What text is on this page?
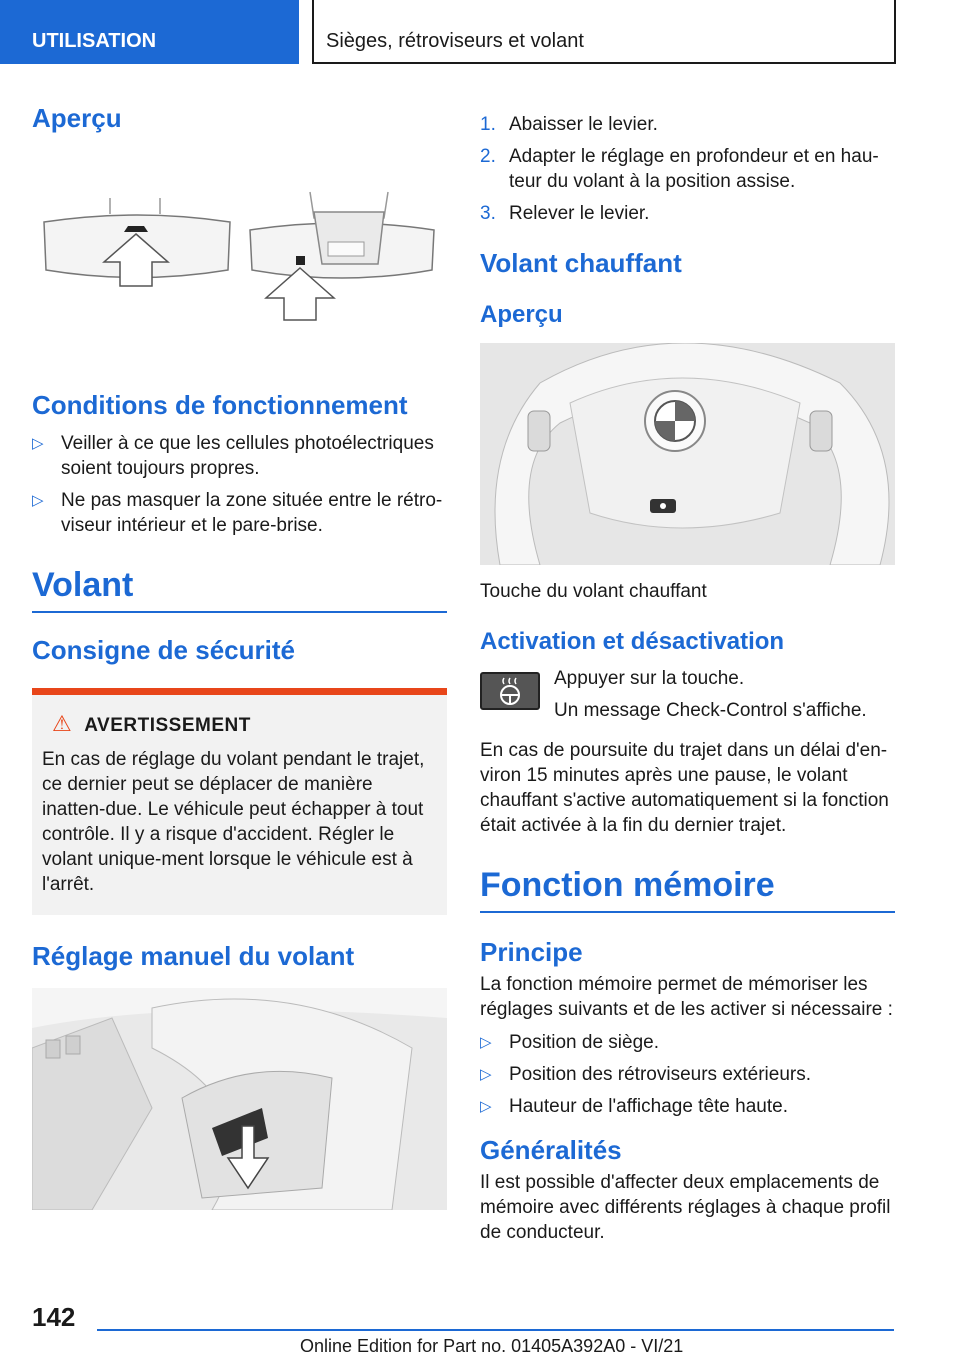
UTILISATION	Sièges, rétroviseurs et volant
Aperçu
Conditions de fonctionnement
▷ Veiller à ce que les cellules photoélectriques soient toujours propres.
▷ Ne pas masquer la zone située entre le rétro-viseur intérieur et le pare-brise.
Volant
Consigne de sécurité
⚠ AVERTISSEMENT
En cas de réglage du volant pendant le trajet, ce dernier peut se déplacer de manière inatten-due. Le véhicule peut échapper à tout contrôle. Il y a risque d'accident. Régler le volant unique-ment lorsque le véhicule est à l'arrêt.
Réglage manuel du volant
1. Abaisser le levier.
2. Adapter le réglage en profondeur et en hau-teur du volant à la position assise.
3. Relever le levier.
Volant chauffant
Aperçu
Touche du volant chauffant
Activation et désactivation
Appuyer sur la touche.
Un message Check-Control s'affiche.
En cas de poursuite du trajet dans un délai d'en-viron 15 minutes après une pause, le volant chauffant s'active automatiquement si la fonction était activée à la fin du dernier trajet.
Fonction mémoire
Principe
La fonction mémoire permet de mémoriser les réglages suivants et de les activer si nécessaire :
▷ Position de siège.
▷ Position des rétroviseurs extérieurs.
▷ Hauteur de l'affichage tête haute.
Généralités
Il est possible d'affecter deux emplacements de mémoire avec différents réglages à chaque profil de conducteur.
142
Online Edition for Part no. 01405A392A0 - VI/21
